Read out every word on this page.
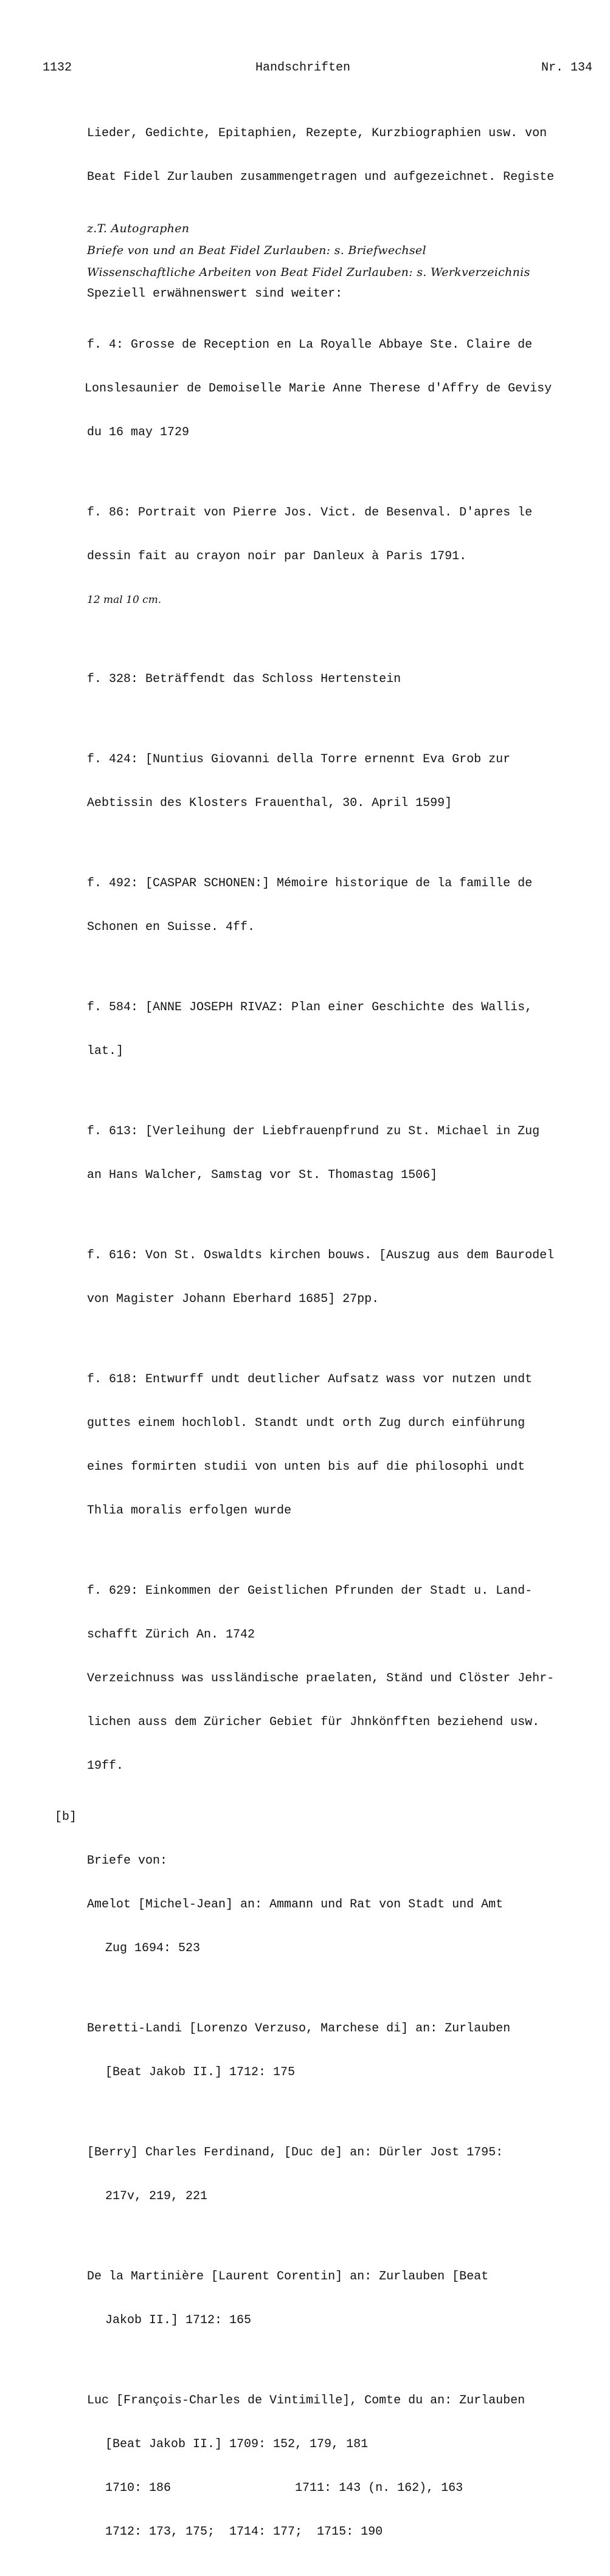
1132	Handschriften	Nr. 134

Lieder, Gedichte, Epitaphien, Rezepte, Kurzbiographien usw. von

Beat Fidel Zurlauben zusammengetragen und aufgezeichnet. Registe

z.T. Autographen
Briefe von und an Beat Fidel Zurlauben: s. Briefwechsel
Wissenschaftliche Arbeiten von Beat Fidel Zurlauben: s. Werkverzeichnis
Speziell erwähnenswert sind weiter:

f. 4: Grosse de Reception en La Royalle Abbaye Ste. Claire de

Lonslesaunier de Demoiselle Marie Anne Therese d'Affry de Gevisy

du 16 may 1729

f. 86: Portrait von Pierre Jos. Vict. de Besenval. D'apres le

dessin fait au crayon noir par Danleux à Paris 1791.

12 mal 10 cm.

f. 328: Beträffendt das Schloss Hertenstein

f. 424: [Nuntius Giovanni della Torre ernennt Eva Grob zur

Aebtissin des Klosters Frauenthal, 30. April 1599]

f. 492: [CASPAR SCHONEN:] Mémoire historique de la famille de

Schonen en Suisse. 4ff.

f. 584: [ANNE JOSEPH RIVAZ: Plan einer Geschichte des Wallis,

lat.]

f. 613: [Verleihung der Liebfrauenpfrund zu St. Michael in Zug

an Hans Walcher, Samstag vor St. Thomastag 1506]

f. 616: Von St. Oswaldts kirchen bouws. [Auszug aus dem Baurodel

von Magister Johann Eberhard 1685] 27pp.

f. 618: Entwurff undt deutlicher Aufsatz wass vor nutzen undt

guttes einem hochlobl. Standt undt orth Zug durch einführung

eines formirten studii von unten bis auf die philosophi undt

Thlia moralis erfolgen wurde

f. 629: Einkommen der Geistlichen Pfrunden der Stadt u. Land-

schafft Zürich An. 1742

Verzeichnuss was ussländische praelaten, Ständ und Clöster Jehr-

lichen auss dem Züricher Gebiet für Jhnkönfften beziehend usw.

19ff.

[b]

Briefe von:

Amelot [Michel-Jean] an: Ammann und Rat von Stadt und Amt

Zug 1694: 523

Beretti-Landi [Lorenzo Verzuso, Marchese di] an: Zurlauben

[Beat Jakob II.] 1712: 175

[Berry] Charles Ferdinand, [Duc de] an: Dürler Jost 1795:

217v, 219, 221

De la Martinière [Laurent Corentin] an: Zurlauben [Beat

Jakob II.] 1712: 165

Luc [François-Charles de Vintimille], Comte du an: Zurlauben

[Beat Jakob II.] 1709: 152, 179, 181

1710: 186                 1711: 143 (n. 162), 163

1712: 173, 175;  1714: 177;  1715: 190
